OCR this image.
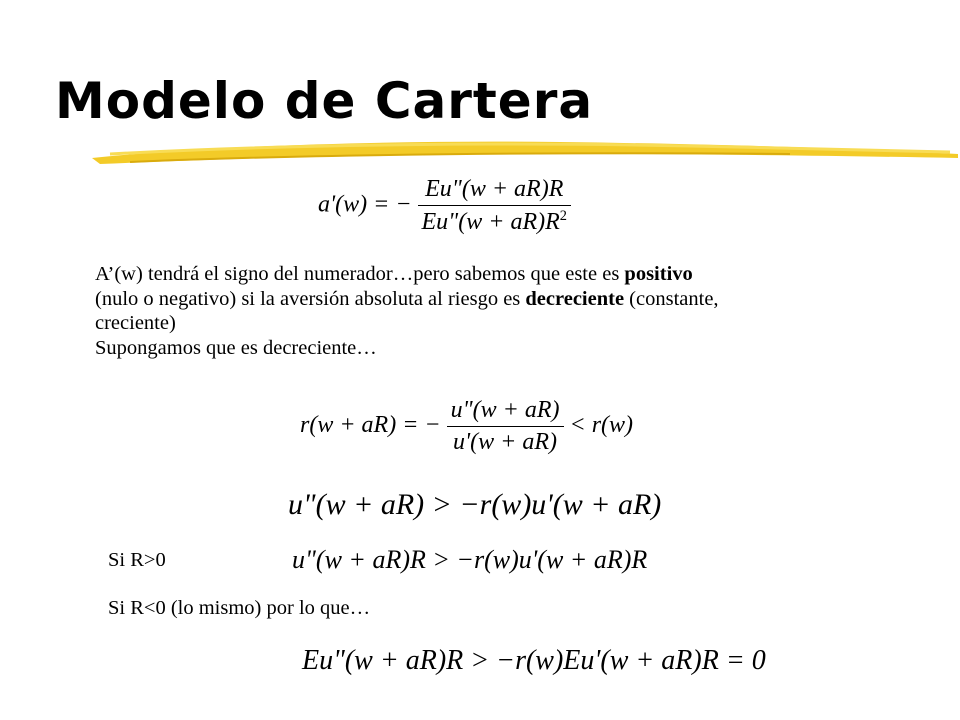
Modelo de Cartera
a'(w) = − $\frac{Eu"(w + aR)R}{Eu"(w + aR)R^2}$
A’(w) tendrá el signo del numerador…pero sabemos que este es positivo
(nulo o negativo) si la aversión absoluta al riesgo es decreciente (constante,
creciente)
Supongamos que es decreciente…
r(w + aR) = − $\frac{u"(w + aR)}{u'(w + aR)} < r(w)$
u"(w + aR) > −r(w)u'(w + aR)
Si R>0	u"(w + aR)R > −r(w)u'(w + aR)R
Si R<0 (lo mismo) por lo que…
Eu"(w + aR)R > −r(w)Eu'(w + aR)R = 0
